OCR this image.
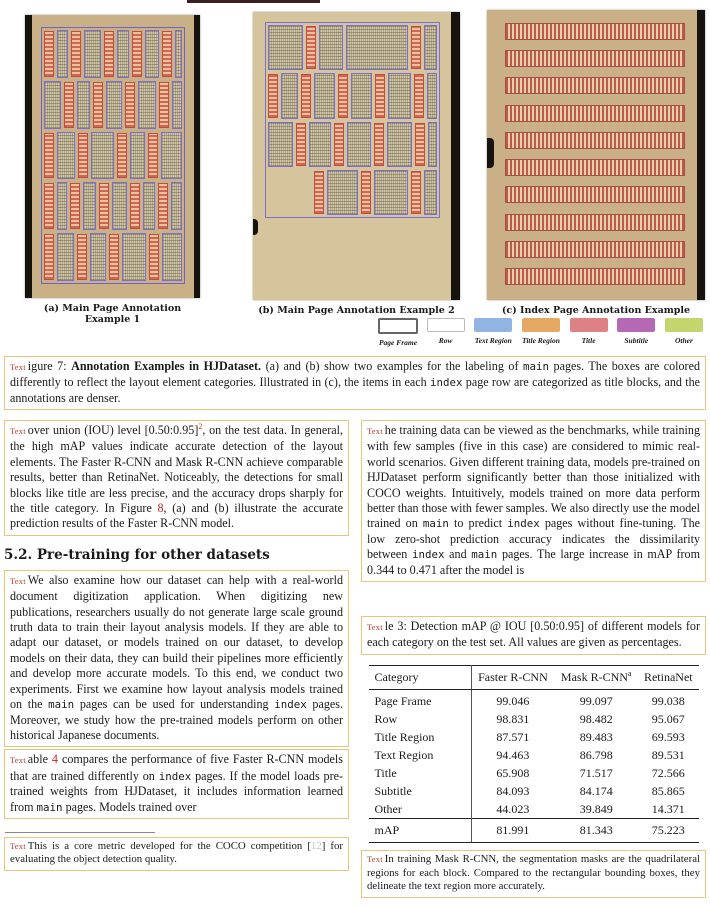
(a) Main Page Annotation Example 1
(b) Main Page Annotation Example 2	(c) Index Page Annotation Example
Page Frame	Row	Text Region Title Region	Title	Subtitle	Other
Text igure 7: Annotation Examples in HJDataset. (a) and (b) show two examples for the labeling of main pages. The boxes are colored differently to reflect the layout element categories. Illustrated in (c), the items in each index page row are categorized as title blocks, and the annotations are denser.
Text over union (IOU) level [0.50:0.95]$^2$, on the test data. In general, the high mAP values indicate accurate detection of the layout elements. The Faster R-CNN and Mask R-CNN achieve comparable results, better than RetinaNet. Noticeably, the detections for small blocks like title are less precise, and the accuracy drops sharply for the title category. In Figure 8, (a) and (b) illustrate the accurate prediction results of the Faster R-CNN model.
5.2. Pre-training for other datasets
Text We also examine how our dataset can help with a real-world document digitization application. When digitizing new publications, researchers usually do not generate large scale ground truth data to train their layout analysis models. If they are able to adapt our dataset, or models trained on our dataset, to develop models on their data, they can build their pipelines more efficiently and develop more accurate models. To this end, we conduct two experiments. First we examine how layout analysis models trained on the main pages can be used for understanding index pages. Moreover, we study how the pre-trained models perform on other historical Japanese documents.
Text able 4 compares the performance of five Faster R-CNN models that are trained differently on index pages. If the model loads pre-trained weights from HJDataset, it includes information learned from main pages. Models trained over
Text This is a core metric developed for the COCO competition [12] for evaluating the object detection quality.
Text he training data can be viewed as the benchmarks, while training with few samples (five in this case) are considered to mimic real-world scenarios. Given different training data, models pre-trained on HJDataset perform significantly better than those initialized with COCO weights. Intuitively, models trained on more data perform better than those with fewer samples. We also directly use the model trained on main to predict index pages without fine-tuning. The low zero-shot prediction accuracy indicates the dissimilarity between index and main pages. The large increase in mAP from 0.344 to 0.471 after the model is
Text le 3: Detection mAP @ IOU [0.50:0.95] of different models for each category on the test set. All values are given as percentages.
Category	Faster R-CNN	Mask R-CNN$^a$	RetinaNet
Page Frame	99.046	99.097	99.038
Row	98.831	98.482	95.067
Title Region	87.571	89.483	69.593
Text Region	94.463	86.798	89.531
Title	65.908	71.517	72.566
Subtitle	84.093	84.174	85.865
Other	44.023	39.849	14.371
mAP	81.991	81.343	75.223
Text In training Mask R-CNN, the segmentation masks are the quadrilateral regions for each block. Compared to the rectangular bounding boxes, they delineate the text region more accurately.
